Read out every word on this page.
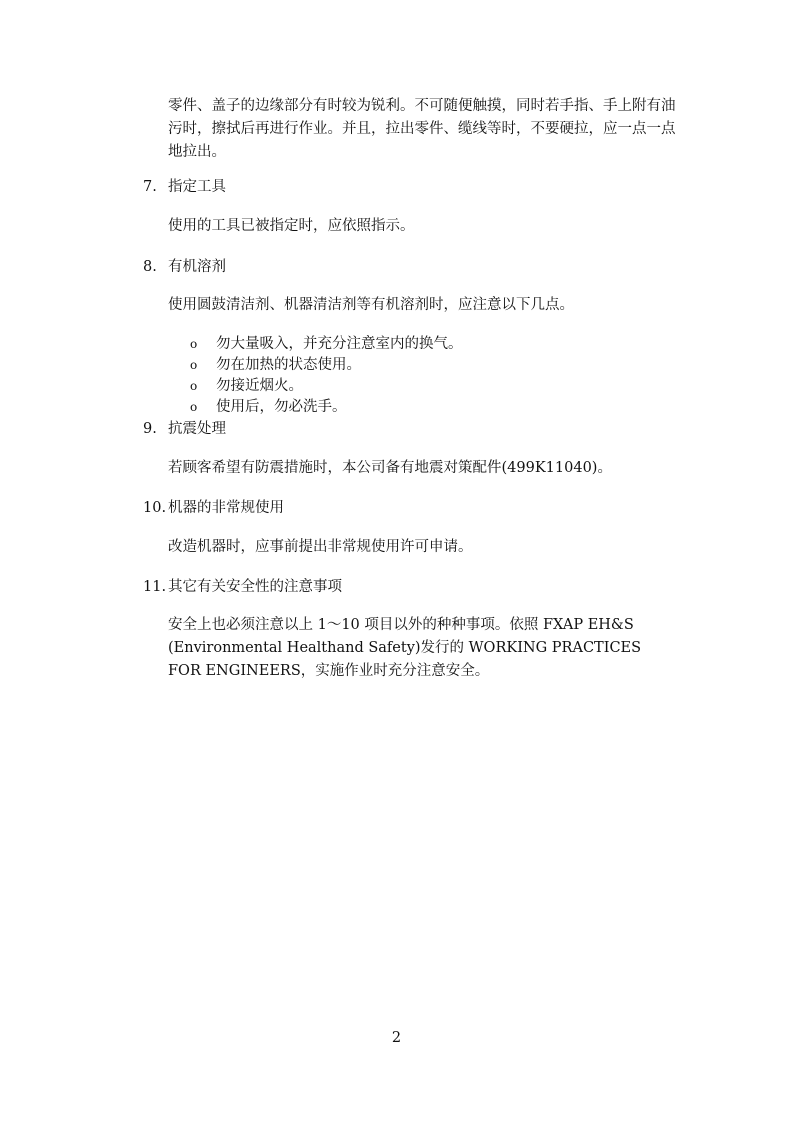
零件、盖子的边缘部分有时较为锐利。不可随便触摸，同时若手指、手上附有油污时，擦拭后再进行作业。并且，拉出零件、缆线等时，不要硬拉，应一点一点地拉出。

7. 指定工具

使用的工具已被指定时，应依照指示。

8. 有机溶剂

使用圆鼓清洁剂、机器清洁剂等有机溶剂时，应注意以下几点。

o	勿大量吸入，并充分注意室内的换气。
o	勿在加热的状态使用。
o	勿接近烟火。
o	使用后，勿必洗手。
9. 抗震处理

若顾客希望有防震措施时，本公司备有地震对策配件(499K11040)。

10. 机器的非常规使用

改造机器时，应事前提出非常规使用许可申请。

11. 其它有关安全性的注意事项

安全上也必须注意以上 1～10 项目以外的种种事项。依照 FXAP EH&S (Environmental Healthand Safety)发行的 WORKING PRACTICES FOR ENGINEERS，实施作业时充分注意安全。

2
